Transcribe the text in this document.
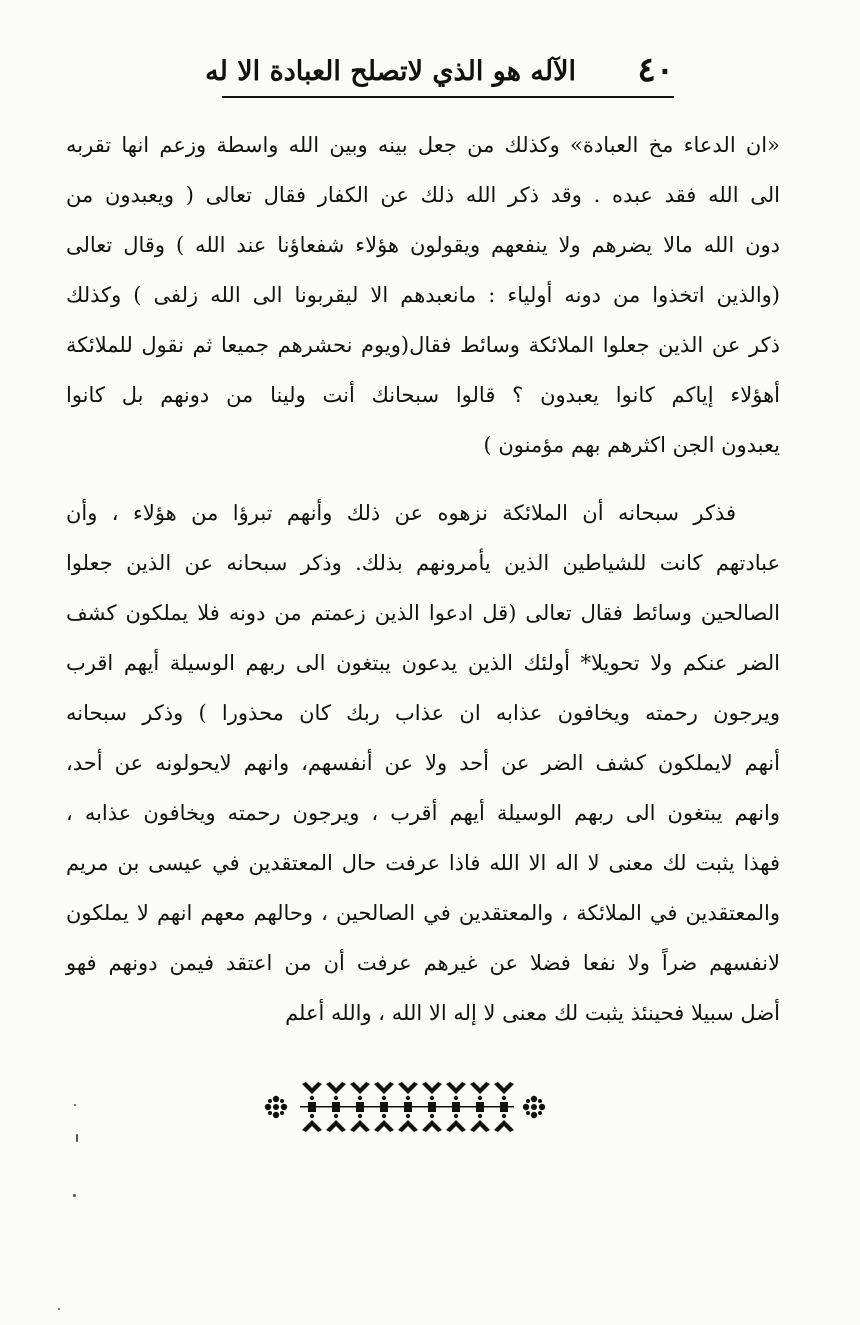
٤٠
الآله هو الذي لاتصلح العبادة الا له
«ان الدعاء مخ العبادة» وكذلك من جعل بينه وبين الله واسطة وزعم انها تقربه
الى الله فقد عبده . وقد ذكر الله ذلك عن الكفار فقال تعالى ( ويعبدون من
دون الله مالا يضرهم ولا ينفعهم ويقولون هؤلاء شفعاؤنا عند الله ) وقال تعالى
(والذين اتخذوا من دونه أولياء : مانعبدهم الا ليقربونا الى الله زلفى ) وكذلك
ذكر عن الذين جعلوا الملائكة وسائط فقال(ويوم نحشرهم جميعا ثم نقول للملائكة
أهؤلاء إياكم كانوا يعبدون ؟ قالوا سبحانك أنت ولينا من دونهم بل كانوا
يعبدون الجن اكثرهم بهم مؤمنون )
فذكر سبحانه أن الملائكة نزهوه عن ذلك وأنهم تبرؤا من هؤلاء ، وأن
عبادتهم كانت للشياطين الذين يأمرونهم بذلك. وذكر سبحانه عن الذين جعلوا
الصالحين وسائط فقال تعالى (قل ادعوا الذين زعمتم من دونه فلا يملكون كشف
الضر عنكم ولا تحويلا* أولئك الذين يدعون يبتغون الى ربهم الوسيلة أيهم اقرب
ويرجون رحمته ويخافون عذابه ان عذاب ربك كان محذورا ) وذكر سبحانه
أنهم لايملكون كشف الضر عن أحد ولا عن أنفسهم، وانهم لايحولونه عن أحد،
وانهم يبتغون الى ربهم الوسيلة أيهم أقرب ، ويرجون رحمته ويخافون عذابه ،
فهذا يثبت لك معنى لا اله الا الله فاذا عرفت حال المعتقدين في عيسى بن مريم
والمعتقدين في الملائكة ، والمعتقدين في الصالحين ، وحالهم معهم انهم لا يملكون
لانفسهم ضراً ولا نفعا فضلا عن غيرهم عرفت أن من اعتقد فيمن دونهم فهو
أضل سبيلا فحينئذ يثبت لك معنى لا إله الا الله ، والله أعلم
